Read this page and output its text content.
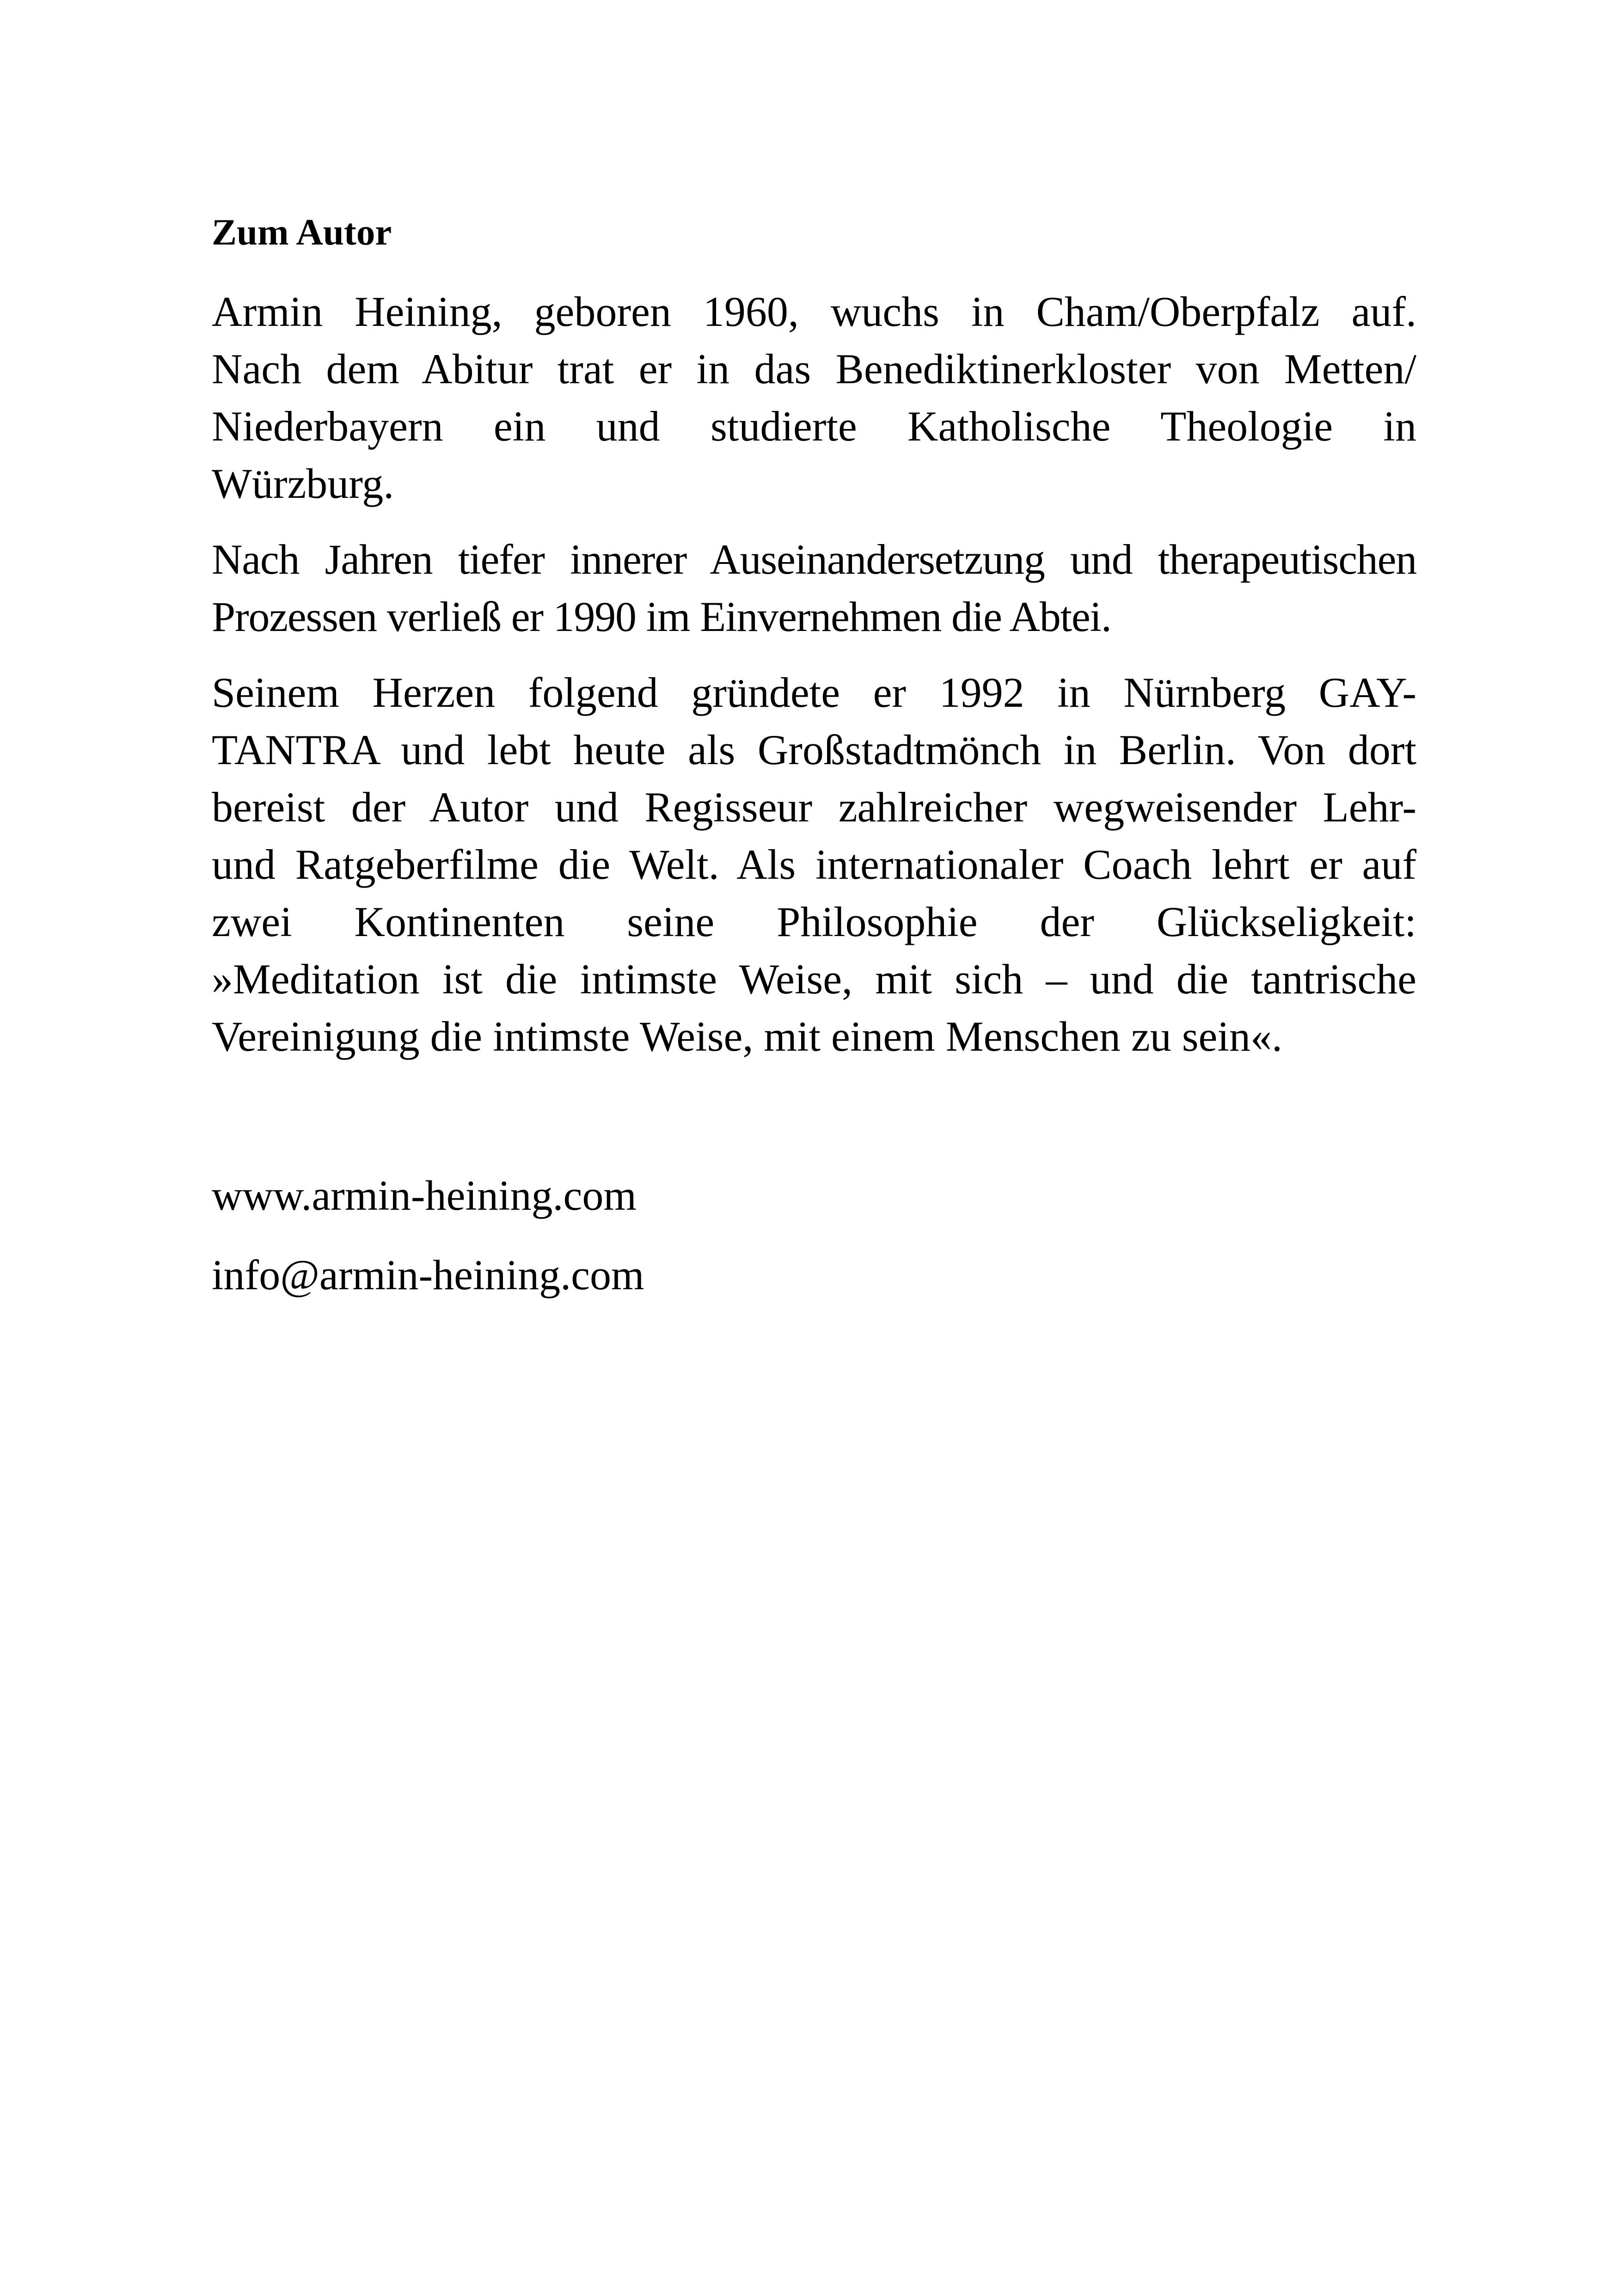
Zum Autor
Armin Heining, geboren 1960, wuchs in Cham/Oberpfalz auf.
Nach dem Abitur trat er in das Benediktinerkloster von Metten/
Niederbayern ein und studierte Katholische Theologie in
Würzburg.
Nach Jahren tiefer innerer Auseinandersetzung und therapeutischen
Prozessen verließ er 1990 im Einvernehmen die Abtei.
Seinem Herzen folgend gründete er 1992 in Nürnberg GAY-
TANTRA und lebt heute als Großstadtmönch in Berlin. Von dort
bereist der Autor und Regisseur zahlreicher wegweisender Lehr-
und Ratgeberfilme die Welt. Als internationaler Coach lehrt er auf
zwei Kontinenten seine Philosophie der Glückseligkeit:
»Meditation ist die intimste Weise, mit sich – und die tantrische
Vereinigung die intimste Weise, mit einem Menschen zu sein«.
www.armin-heining.com
info@armin-heining.com
